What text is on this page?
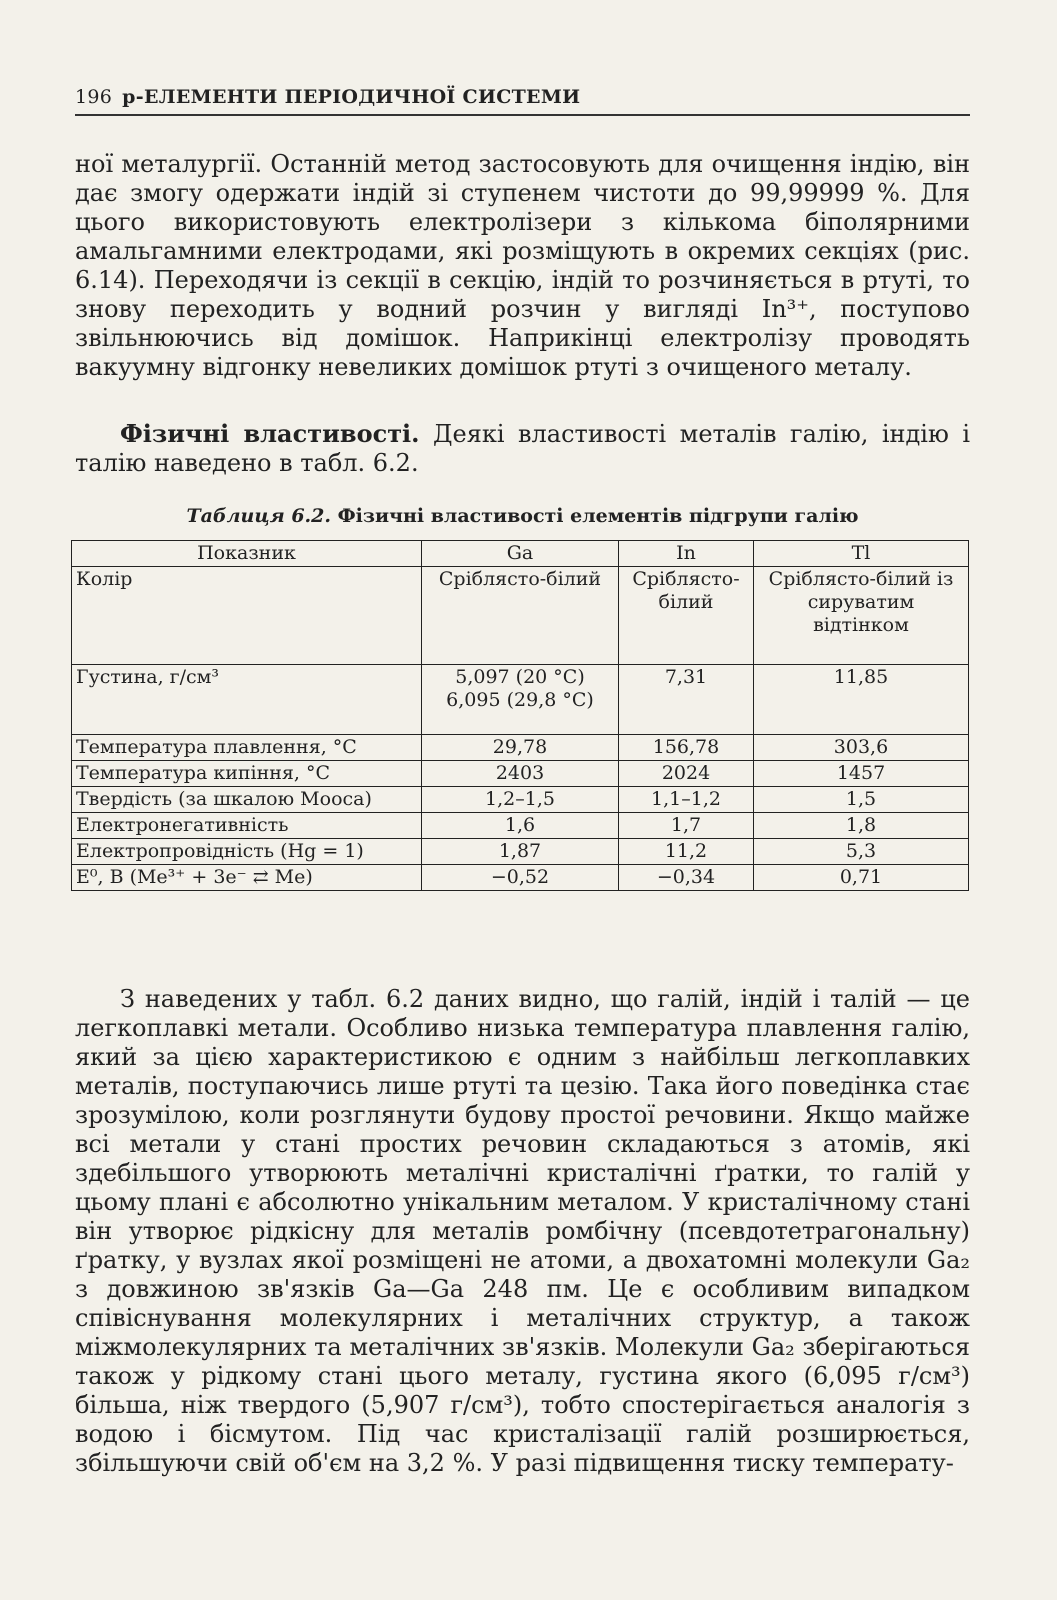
196 p-ЕЛЕМЕНТИ ПЕРІОДИЧНОЇ СИСТЕМИ

ної металургії. Останній метод застосовують для очищення індію, він дає змогу одержати індій зі ступенем чистоти до 99,99999 %. Для цього використовують електролізери з кількома біполярними амальгамними електродами, які розміщують в окремих секціях (рис. 6.14). Переходячи із секції в секцію, індій то розчиняється в ртуті, то знову переходить у водний розчин у вигляді In³⁺, поступово звільнюючись від домішок. Наприкінці електролізу проводять вакуумну відгонку невеликих домішок ртуті з очищеного металу.

Фізичні властивості. Деякі властивості металів галію, індію і талію наведено в табл. 6.2.

Таблиця 6.2. Фізичні властивості елементів підгрупи галію
Показник	Ga	In	Tl
Колір	Сріблясто-білий	Сріблясто-білий	Сріблясто-білий із сируватим відтінком
Густина, г/см³	5,097 (20 °C) 6,095 (29,8 °C)	7,31	11,85
Температура плавлення, °C	29,78	156,78	303,6
Температура кипіння, °C	2403	2024	1457
Твердість (за шкалою Мооса)	1,2–1,5	1,1–1,2	1,5
Електронегативність	1,6	1,7	1,8
Електропровідність (Hg = 1)	1,87	11,2	5,3
E⁰, В (Me³⁺ + 3e⁻ ⇄ Me)	−0,52	−0,34	0,71

З наведених у табл. 6.2 даних видно, що галій, індій і талій — це легкоплавкі метали. Особливо низька температура плавлення галію, який за цією характеристикою є одним з найбільш легкоплавких металів, поступаючись лише ртуті та цезію. Така його поведінка стає зрозумілою, коли розглянути будову простої речовини. Якщо майже всі метали у стані простих речовин складаються з атомів, які здебільшого утворюють металічні кристалічні ґратки, то галій у цьому плані є абсолютно унікальним металом. У кристалічному стані він утворює рідкісну для металів ромбічну (псевдотетрагональну) ґратку, у вузлах якої розміщені не атоми, а двохатомні молекули Ga₂ з довжиною зв'язків Ga—Ga 248 пм. Це є особливим випадком співіснування молекулярних і металічних структур, а також міжмолекулярних та металічних зв'язків. Молекули Ga₂ зберігаються також у рідкому стані цього металу, густина якого (6,095 г/см³) більша, ніж твердого (5,907 г/см³), тобто спостерігається аналогія з водою і бісмутом. Під час кристалізації галій розширюється, збільшуючи свій об'єм на 3,2 %. У разі підвищення тиску температу-
